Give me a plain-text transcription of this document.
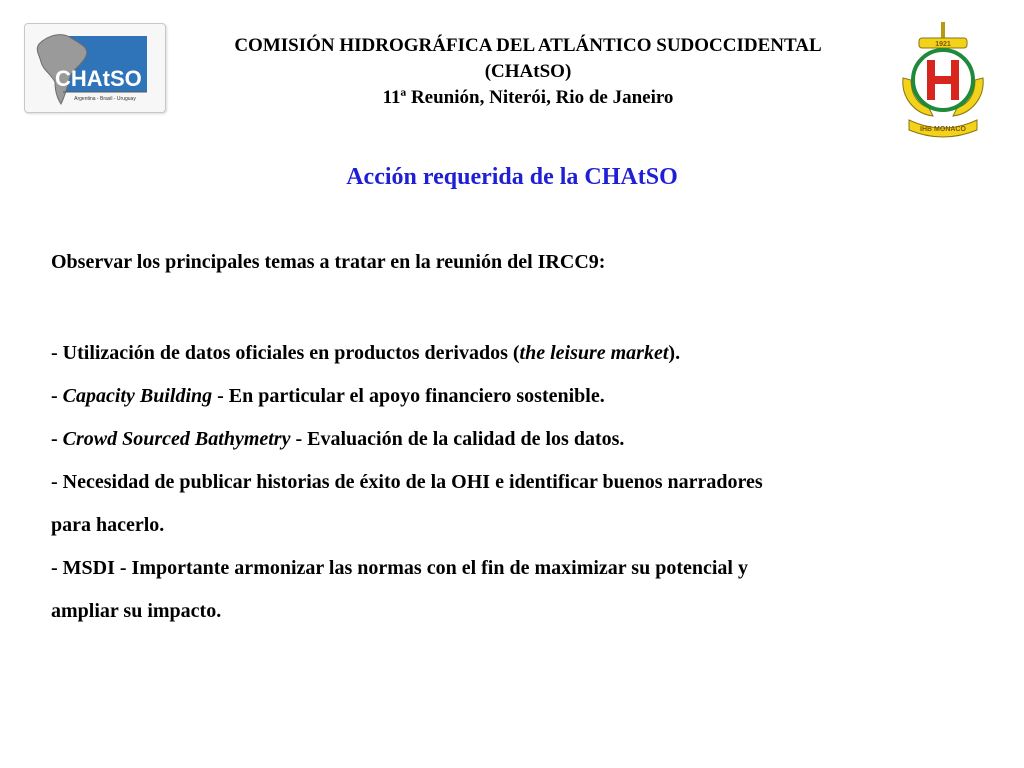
CHAtSO
Argentina - Brasil - Uruguay
COMISIÓN HIDROGRÁFICA DEL ATLÁNTICO SUDOCCIDENTAL
(CHAtSO)
11ª Reunión, Niterói, Rio de Janeiro
1921
H
IHB MONACO
Acción requerida de la CHAtSO
Observar los principales temas a tratar en la reunión del IRCC9:

- Utilización de datos oficiales en productos derivados (the leisure market).

- Capacity Building - En particular el apoyo financiero sostenible.

- Crowd Sourced Bathymetry - Evaluación de la calidad de los datos.

- Necesidad de publicar historias de éxito de la OHI e identificar buenos narradores

para hacerlo.

- MSDI - Importante armonizar las normas con el fin de maximizar su potencial y

ampliar su impacto.
